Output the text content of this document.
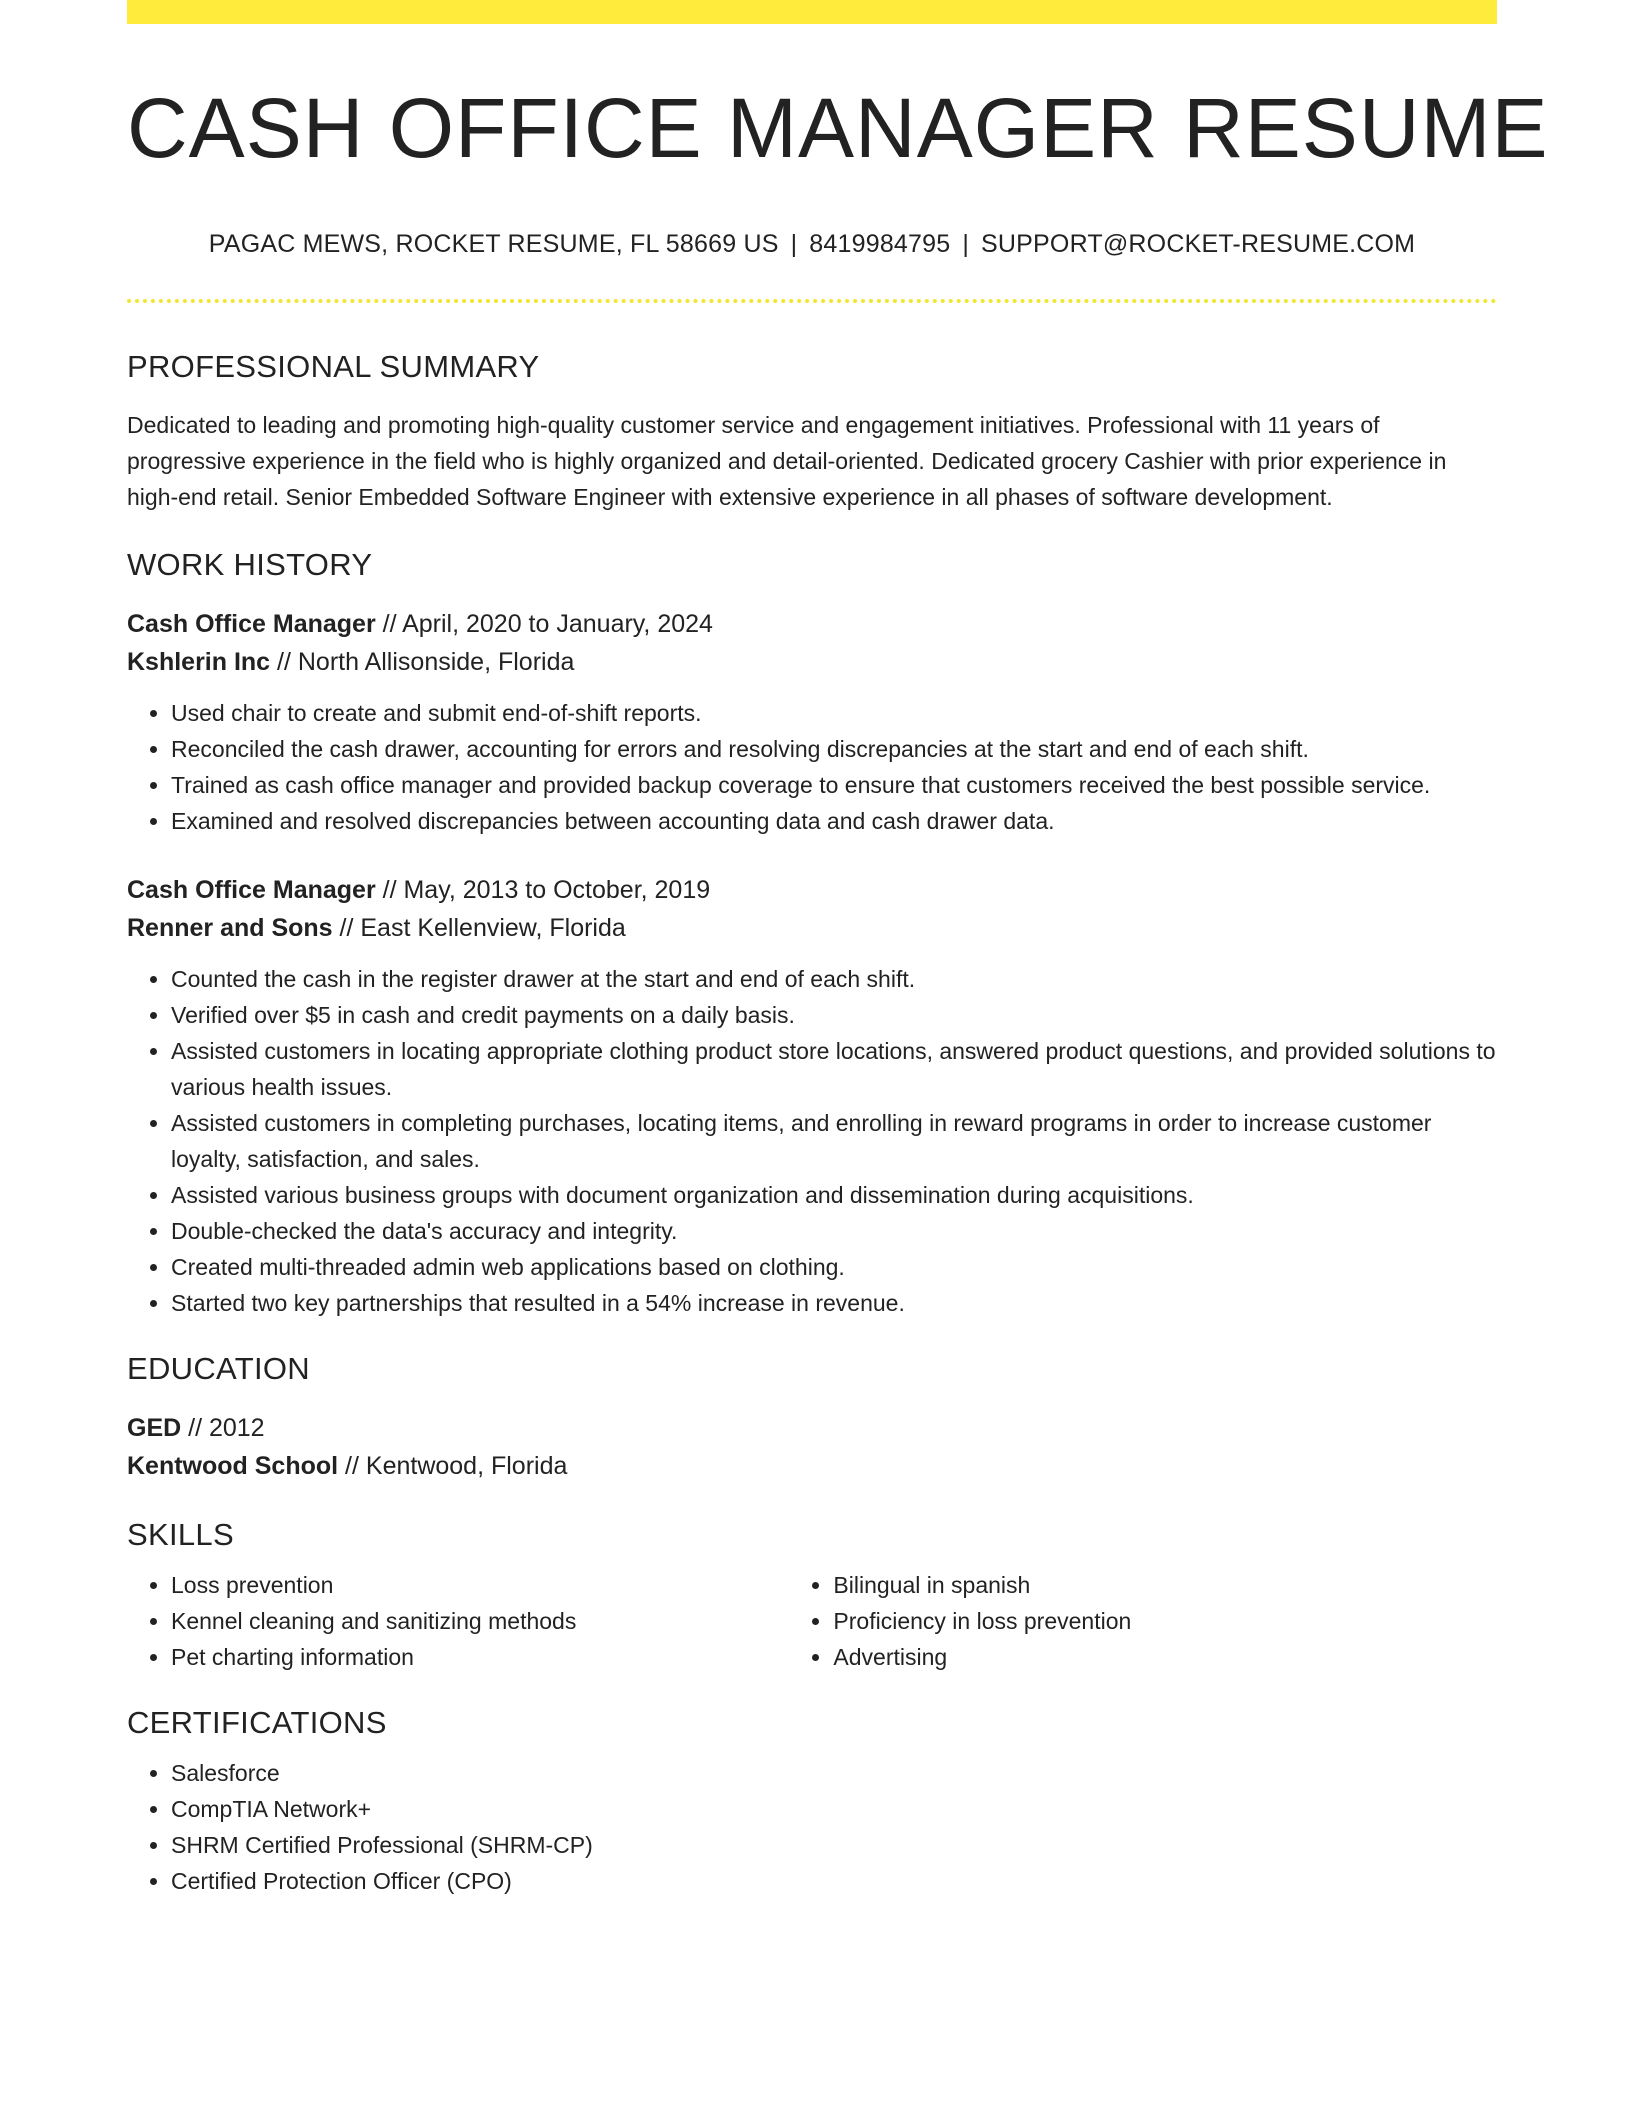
CASH OFFICE MANAGER RESUME
PAGAC MEWS, ROCKET RESUME, FL 58669 US | 8419984795 | SUPPORT@ROCKET-RESUME.COM
PROFESSIONAL SUMMARY
Dedicated to leading and promoting high-quality customer service and engagement initiatives. Professional with 11 years of progressive experience in the field who is highly organized and detail-oriented. Dedicated grocery Cashier with prior experience in high-end retail. Senior Embedded Software Engineer with extensive experience in all phases of software development.
WORK HISTORY
Cash Office Manager // April, 2020 to January, 2024
Kshlerin Inc // North Allisonside, Florida
• Used chair to create and submit end-of-shift reports.
• Reconciled the cash drawer, accounting for errors and resolving discrepancies at the start and end of each shift.
• Trained as cash office manager and provided backup coverage to ensure that customers received the best possible service.
• Examined and resolved discrepancies between accounting data and cash drawer data.
Cash Office Manager // May, 2013 to October, 2019
Renner and Sons // East Kellenview, Florida
• Counted the cash in the register drawer at the start and end of each shift.
• Verified over $5 in cash and credit payments on a daily basis.
• Assisted customers in locating appropriate clothing product store locations, answered product questions, and provided solutions to various health issues.
• Assisted customers in completing purchases, locating items, and enrolling in reward programs in order to increase customer loyalty, satisfaction, and sales.
• Assisted various business groups with document organization and dissemination during acquisitions.
• Double-checked the data's accuracy and integrity.
• Created multi-threaded admin web applications based on clothing.
• Started two key partnerships that resulted in a 54% increase in revenue.
EDUCATION
GED // 2012
Kentwood School // Kentwood, Florida
SKILLS
• Loss prevention
• Kennel cleaning and sanitizing methods
• Pet charting information
• Bilingual in spanish
• Proficiency in loss prevention
• Advertising
CERTIFICATIONS
• Salesforce
• CompTIA Network+
• SHRM Certified Professional (SHRM-CP)
• Certified Protection Officer (CPO)
